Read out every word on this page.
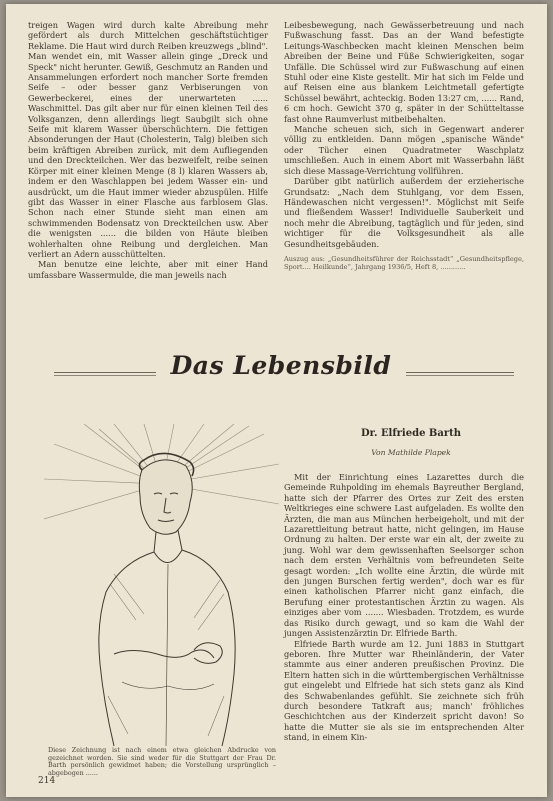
treigen Wagen wird durch kalte Abreibung mehr gefördert als durch Mittelchen geschäftstüchtiger Reklame. Die Haut wird durch Reiben kreuzwegs „blind". Man wendet ein, mit Wasser allein ginge „Dreck und Speck" nicht herunter. Gewiß, Geschmutz an Randen und Ansammelungen erfordert noch mancher Sorte fremden Seife – oder besser ganz Verbiserungen von Gewerbeckerei, eines der unerwarteten ...... Waschmittel. Das gilt aber nur für einen kleinen Teil des Volksganzen, denn allerdings liegt Saubgilt sich ohne Seife mit klarem Wasser überschüchtern. Die fettigen Absonderungen der Haut (Cholesterin, Talg) bleiben sich beim kräftigen Abreiben zurück, mit dem Aufliegenden und den Dreckteilchen. Wer das bezweifelt, reibe seinen Körper mit einer kleinen Menge (8 l) klaren Wassers ab, indem er den Waschlappen bei jedem Wasser ein- und ausdrückt, um die Haut immer wieder abzuspülen. Hilfe gibt das Wasser in einer Flasche aus farblosem Glas. Schon nach einer Stunde sieht man einen am schwimmenden Bodensatz von Dreckteilchen usw. Aber die wenigsten ...... die bilden von Häute bleiben wohlerhalten ohne Reibung und dergleichen. Man verliert an Adern ausschüttelten.

Man benutze eine leichte, aber mit einer Hand umfassbare Wassermulde, die man jeweils nach

Leibesbewegung, nach Gewässerbetreuung und nach Fußwaschung fasst. Das an der Wand befestigte Leitungs-Waschbecken macht kleinen Menschen beim Abreiben der Beine und Füße Schwierigkeiten, sogar Unfälle. Die Schüssel wird zur Fußwaschung auf einen Stuhl oder eine Kiste gestellt. Mir hat sich im Felde und auf Reisen eine aus blankem Leichtmetall gefertigte Schüssel bewährt, achteckig. Boden 13:27 cm, ...... Rand, 6 cm hoch. Gewicht 370 g, später in der Schütteltasse fast ohne Raumverlust mitbeibehalten.

Manche scheuen sich, sich in Gegenwart anderer völlig zu entkleiden. Dann mögen „spanische Wände" oder Tücher einen Quadratmeter Waschplatz umschließen. Auch in einem Abort mit Wasserbahn läßt sich diese Massage-Verrichtung vollführen.

Darüber gibt natürlich außerdem der erzieherische Grundsatz: „Nach dem Stuhlgang, vor dem Essen, Händewaschen nicht vergessen!". Möglichst mit Seife und fließendem Wasser! Individuelle Sauberkeit und noch mehr die Abreibung, tagtäglich und für jeden, sind wichtiger für die Volksgesundheit als alle Gesundheitsgebäuden.

Auszug aus: „Gesundheitsführer der Reichsstadt“ „Gesundheitspflege, Sport.... Heilkunde“, Jahrgang 1936/5, Heft 8, ............

Das Lebensbild
Diese Zeichnung ist nach einem etwa gleichen Abdrucke von gezeichnet worden. Sie sind weder für die Stuttgart der Frau Dr. Barth persönlich gewidmet haben; die Vorstellung ursprünglich – abgebogen ......
214
Dr. Elfriede Barth
Von Mathilde Plapek

Mit der Einrichtung eines Lazarettes durch die Gemeinde Ruhpolding im ehemals Bayreuther Bergland, hatte sich der Pfarrer des Ortes zur Zeit des ersten Weltkrieges eine schwere Last aufgeladen. Es wollte den Ärzten, die man aus München herbeigeholt, und mit der Lazarettleitung betraut hatte, nicht gelingen, im Hause Ordnung zu halten. Der erste war ein alt, der zweite zu jung. Wohl war dem gewissenhaften Seelsorger schon nach dem ersten Verhältnis vom befreundeten Seite gesagt worden: „Ich wollte eine Ärztin, die würde mit den jungen Burschen fertig werden", doch war es für einen katholischen Pfarrer nicht ganz einfach, die Berufung einer protestantischen Ärztin zu wagen. Als einziges aber vom ....... Wiesbaden. Trotzdem, es wurde das Risiko durch gewagt, und so kam die Wahl der jungen Assistenzärztin Dr. Elfriede Barth.

Elfriede Barth wurde am 12. Juni 1883 in Stuttgart geboren. Ihre Mutter war Rheinländerin, der Vater stammte aus einer anderen preußischen Provinz. Die Eltern hatten sich in die württembergischen Verhältnisse gut eingelebt und Elfriede hat sich stets ganz als Kind des Schwabenlandes gefühlt. Sie zeichnete sich früh durch besondere Tatkraft aus; manch' fröhliches Geschichtchen aus der Kinderzeit spricht davon! So hatte die Mutter sie als sie im entsprechenden Alter stand, in einem Kin-
